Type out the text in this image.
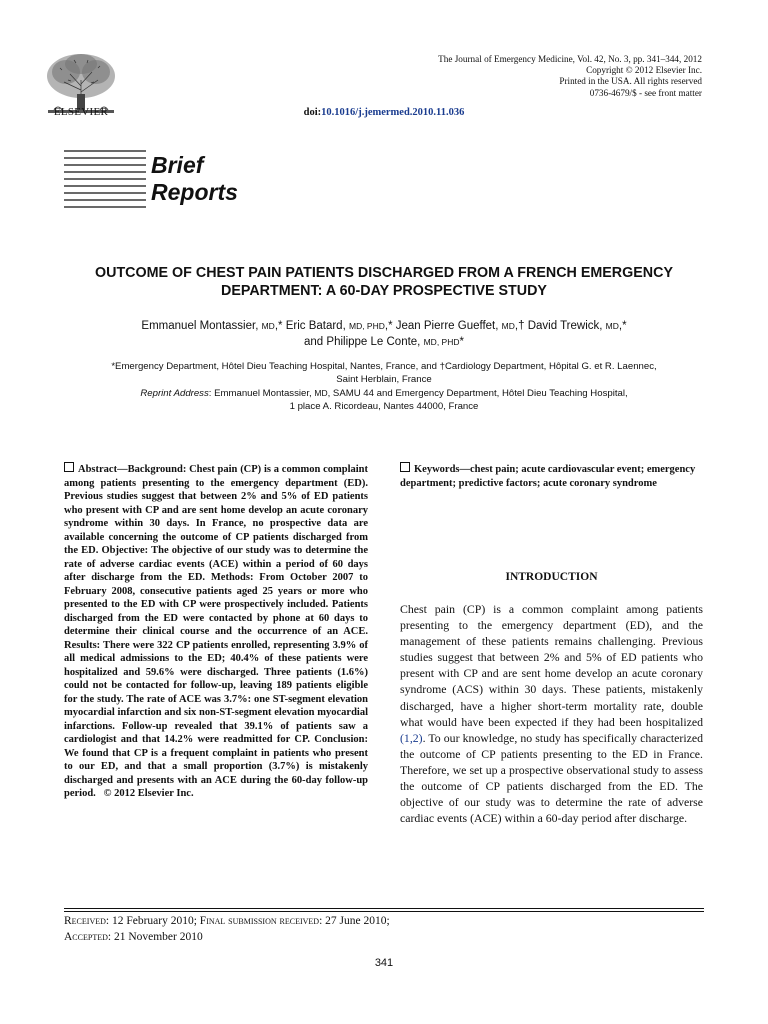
ELSEVIER
The Journal of Emergency Medicine, Vol. 42, No. 3, pp. 341–344, 2012
Copyright © 2012 Elsevier Inc.
Printed in the USA. All rights reserved
0736-4679/$ - see front matter
doi:10.1016/j.jemermed.2010.11.036
Brief
Reports
OUTCOME OF CHEST PAIN PATIENTS DISCHARGED FROM A FRENCH EMERGENCY
DEPARTMENT: A 60-DAY PROSPECTIVE STUDY
Emmanuel Montassier, MD,* Eric Batard, MD, PHD,* Jean Pierre Gueffet, MD,† David Trewick, MD,*
and Philippe Le Conte, MD, PHD*
*Emergency Department, Hôtel Dieu Teaching Hospital, Nantes, France, and †Cardiology Department, Hôpital G. et R. Laennec,
Saint Herblain, France
Reprint Address: Emmanuel Montassier, MD, SAMU 44 and Emergency Department, Hôtel Dieu Teaching Hospital,
1 place A. Ricordeau, Nantes 44000, France
Abstract—Background: Chest pain (CP) is a common complaint among patients presenting to the emergency department (ED). Previous studies suggest that between 2% and 5% of ED patients who present with CP and are sent home develop an acute coronary syndrome within 30 days. In France, no prospective data are available concerning the outcome of CP patients discharged from the ED. Objective: The objective of our study was to determine the rate of adverse cardiac events (ACE) within a period of 60 days after discharge from the ED. Methods: From October 2007 to February 2008, consecutive patients aged 25 years or more who presented to the ED with CP were prospectively included. Patients discharged from the ED were contacted by phone at 60 days to determine their clinical course and the occurrence of an ACE. Results: There were 322 CP patients enrolled, representing 3.9% of all medical admissions to the ED; 40.4% of these patients were hospitalized and 59.6% were discharged. Three patients (1.6%) could not be contacted for follow-up, leaving 189 patients eligible for the study. The rate of ACE was 3.7%: one ST-segment elevation myocardial infarction and six non-ST-segment elevation myocardial infarctions. Follow-up revealed that 39.1% of patients saw a cardiologist and that 14.2% were readmitted for CP. Conclusion: We found that CP is a frequent complaint in patients who present to our ED, and that a small proportion (3.7%) is mistakenly discharged and presents with an ACE during the 60-day follow-up period. © 2012 Elsevier Inc.
Keywords—chest pain; acute cardiovascular event; emergency department; predictive factors; acute coronary syndrome
INTRODUCTION
Chest pain (CP) is a common complaint among patients presenting to the emergency department (ED), and the management of these patients remains challenging. Previous studies suggest that between 2% and 5% of ED patients who present with CP and are sent home develop an acute coronary syndrome (ACS) within 30 days. These patients, mistakenly discharged, have a higher short-term mortality rate, double what would have been expected if they had been hospitalized (1,2). To our knowledge, no study has specifically characterized the outcome of CP patients presenting to the ED in France. Therefore, we set up a prospective observational study to assess the outcome of CP patients discharged from the ED. The objective of our study was to determine the rate of adverse cardiac events (ACE) within a 60-day period after discharge.
Received: 12 February 2010; Final submission received: 27 June 2010;
Accepted: 21 November 2010
341
